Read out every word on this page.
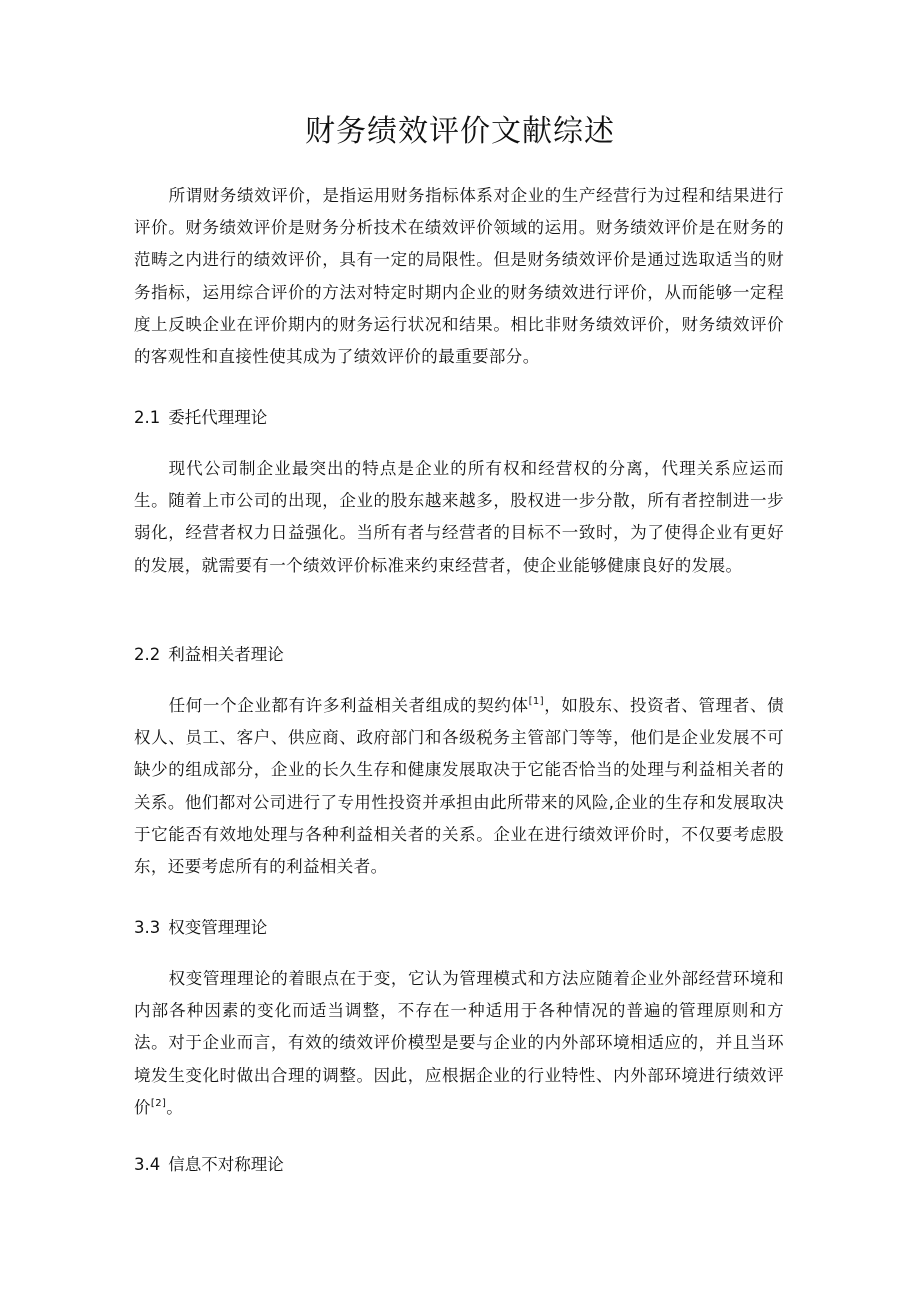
财务绩效评价文献综述

所谓财务绩效评价，是指运用财务指标体系对企业的生产经营行为过程和结果进行评价。财务绩效评价是财务分析技术在绩效评价领域的运用。财务绩效评价是在财务的范畴之内进行的绩效评价，具有一定的局限性。但是财务绩效评价是通过选取适当的财务指标，运用综合评价的方法对特定时期内企业的财务绩效进行评价，从而能够一定程度上反映企业在评价期内的财务运行状况和结果。相比非财务绩效评价，财务绩效评价的客观性和直接性使其成为了绩效评价的最重要部分。

2.1 委托代理理论

现代公司制企业最突出的特点是企业的所有权和经营权的分离，代理关系应运而生。随着上市公司的出现，企业的股东越来越多，股权进一步分散，所有者控制进一步弱化，经营者权力日益强化。当所有者与经营者的目标不一致时，为了使得企业有更好的发展，就需要有一个绩效评价标准来约束经营者，使企业能够健康良好的发展。

2.2 利益相关者理论

任何一个企业都有许多利益相关者组成的契约体[1]，如股东、投资者、管理者、债权人、员工、客户、供应商、政府部门和各级税务主管部门等等，他们是企业发展不可缺少的组成部分，企业的长久生存和健康发展取决于它能否恰当的处理与利益相关者的关系。他们都对公司进行了专用性投资并承担由此所带来的风险,企业的生存和发展取决于它能否有效地处理与各种利益相关者的关系。企业在进行绩效评价时，不仅要考虑股东，还要考虑所有的利益相关者。

3.3 权变管理理论

权变管理理论的着眼点在于变，它认为管理模式和方法应随着企业外部经营环境和内部各种因素的变化而适当调整，不存在一种适用于各种情况的普遍的管理原则和方法。对于企业而言，有效的绩效评价模型是要与企业的内外部环境相适应的，并且当环境发生变化时做出合理的调整。因此，应根据企业的行业特性、内外部环境进行绩效评价[2]。

3.4 信息不对称理论
